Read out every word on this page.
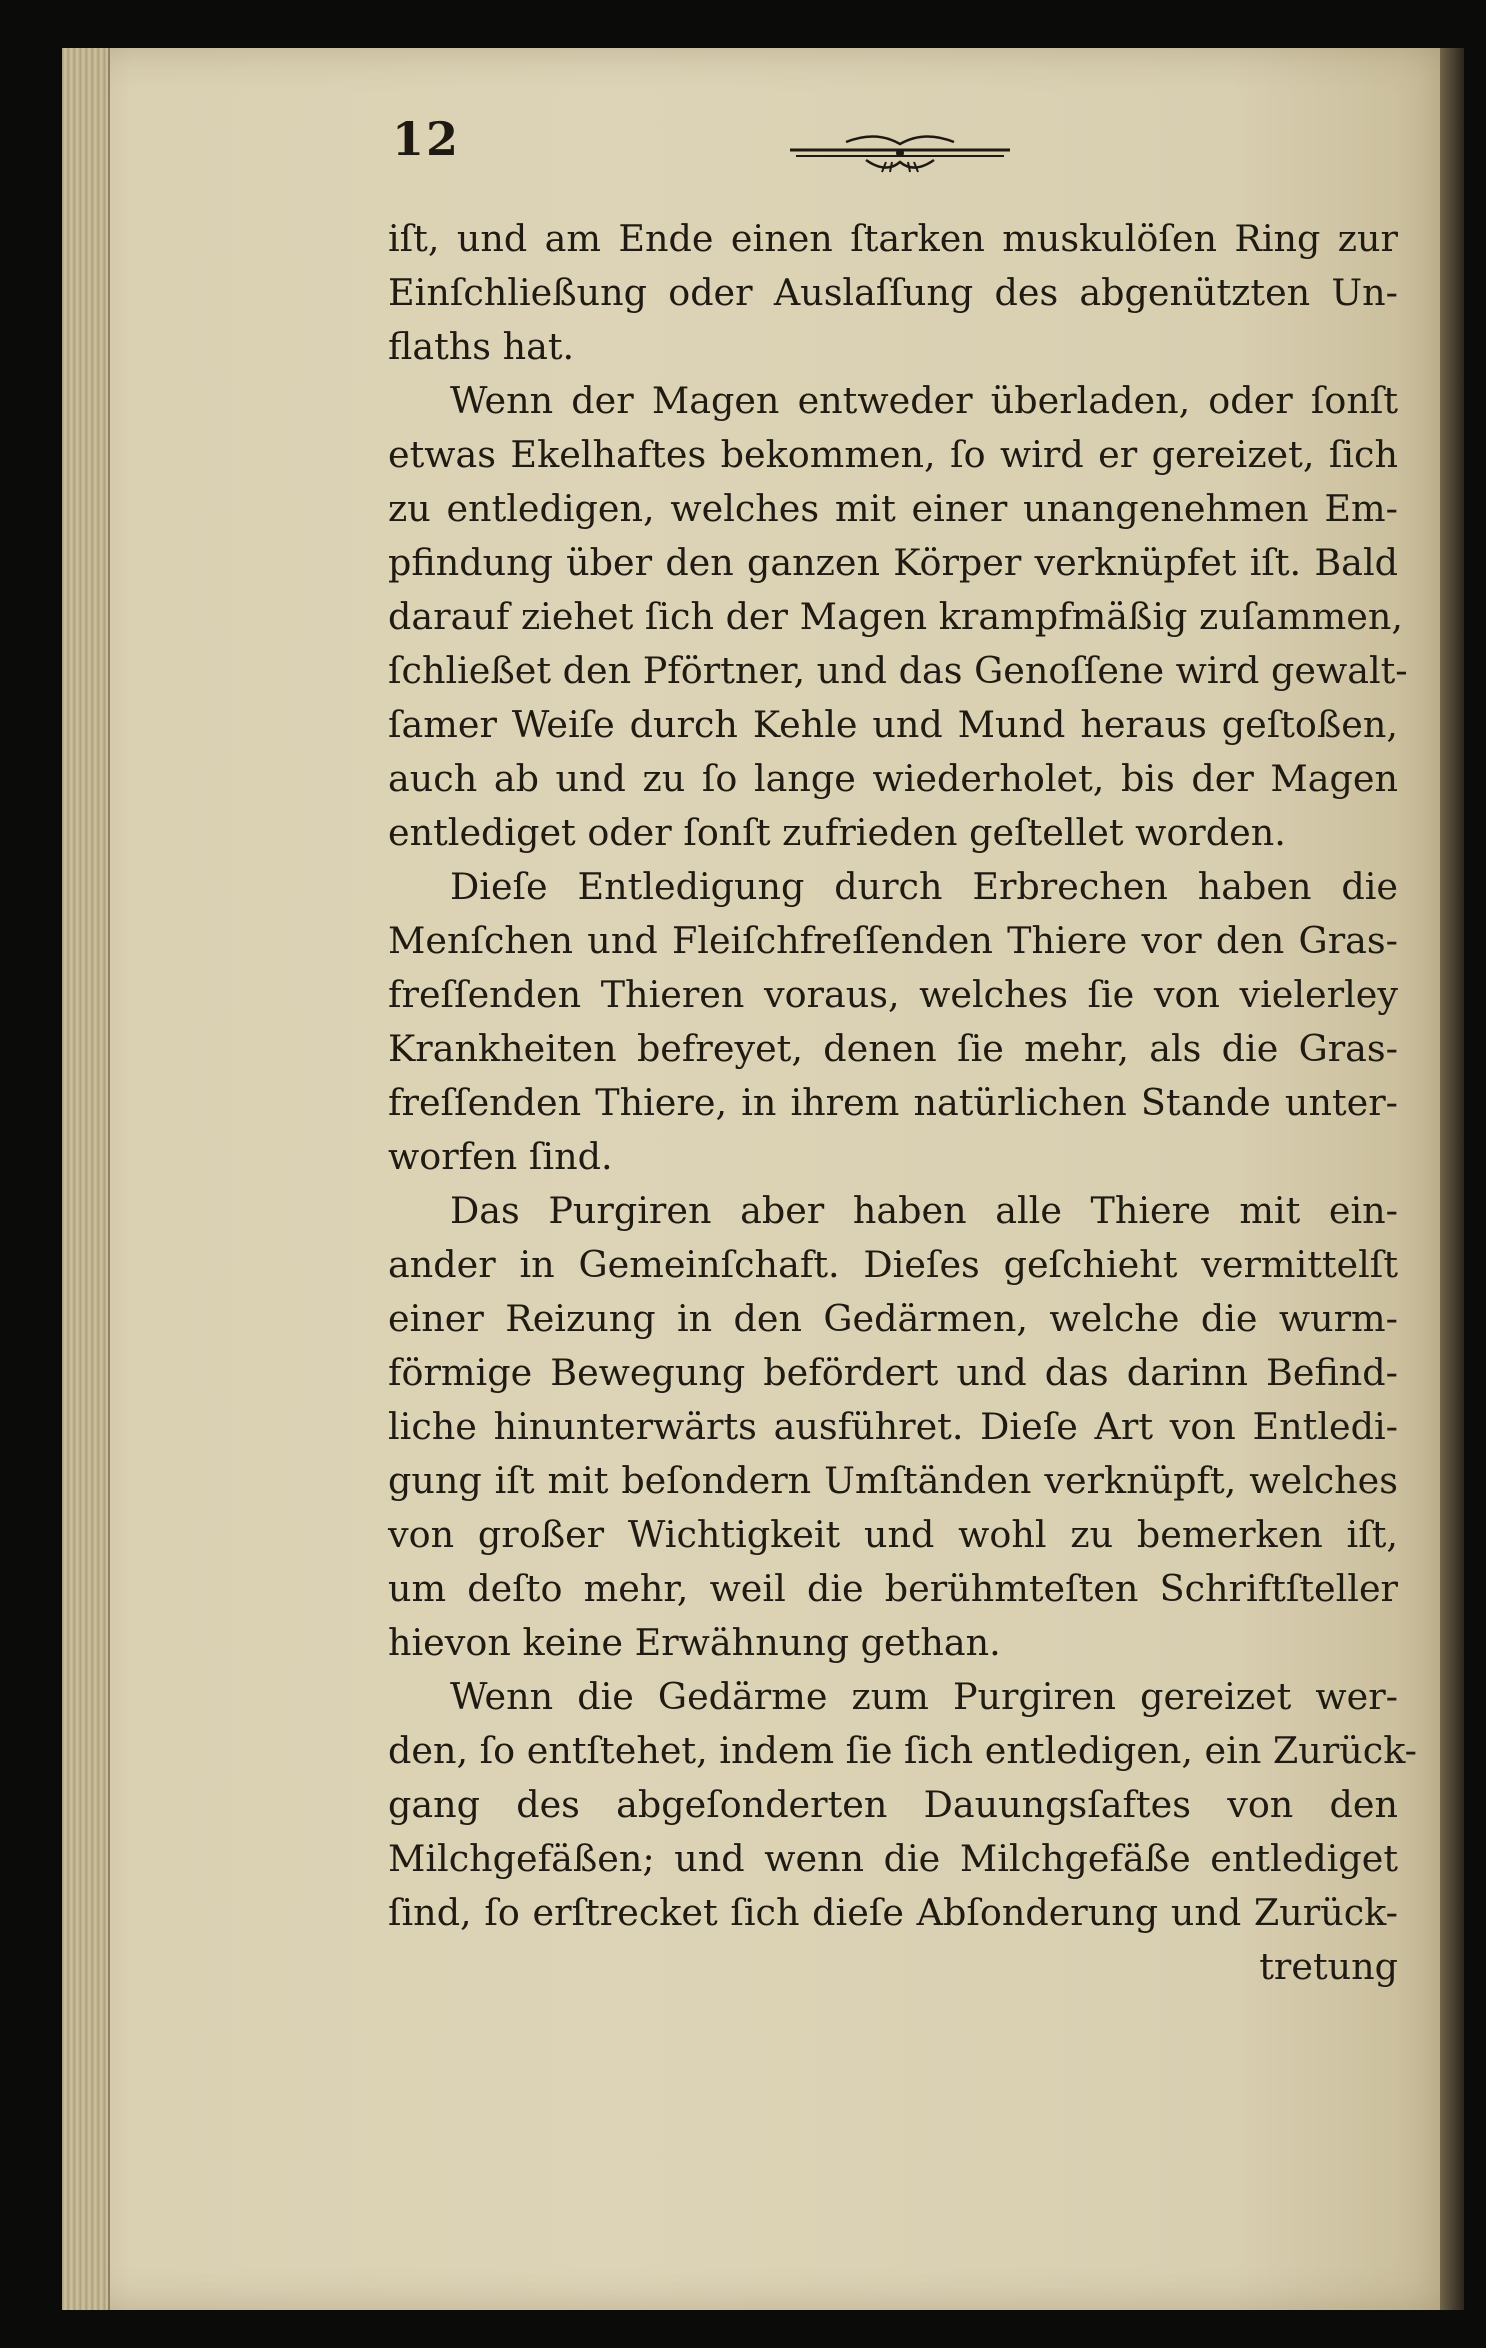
12
iſt, und am Ende einen ſtarken muskulöſen Ring zur
Einſchließung oder Auslaſſung des abgenützten Un-
flaths hat.
Wenn der Magen entweder überladen, oder ſonſt
etwas Ekelhaftes bekommen, ſo wird er gereizet, ſich
zu entledigen, welches mit einer unangenehmen Em-
pfindung über den ganzen Körper verknüpfet iſt. Bald
darauf ziehet ſich der Magen krampfmäßig zuſammen,
ſchließet den Pförtner, und das Genoſſene wird gewalt-
ſamer Weiſe durch Kehle und Mund heraus geſtoßen,
auch ab und zu ſo lange wiederholet, bis der Magen
entlediget oder ſonſt zufrieden geſtellet worden.
Dieſe Entledigung durch Erbrechen haben die
Menſchen und Fleiſchfreſſenden Thiere vor den Gras-
freſſenden Thieren voraus, welches ſie von vielerley
Krankheiten befreyet, denen ſie mehr, als die Gras-
freſſenden Thiere, in ihrem natürlichen Stande unter-
worfen ſind.
Das Purgiren aber haben alle Thiere mit ein-
ander in Gemeinſchaft. Dieſes geſchieht vermittelſt
einer Reizung in den Gedärmen, welche die wurm-
förmige Bewegung befördert und das darinn Befind-
liche hinunterwärts ausführet. Dieſe Art von Entledi-
gung iſt mit beſondern Umſtänden verknüpft, welches
von großer Wichtigkeit und wohl zu bemerken iſt,
um deſto mehr, weil die berühmteſten Schriftſteller
hievon keine Erwähnung gethan.
Wenn die Gedärme zum Purgiren gereizet wer-
den, ſo entſtehet, indem ſie ſich entledigen, ein Zurück-
gang des abgeſonderten Dauungsſaftes von den
Milchgefäßen; und wenn die Milchgefäße entlediget
ſind, ſo erſtrecket ſich dieſe Abſonderung und Zurück-
tretung
